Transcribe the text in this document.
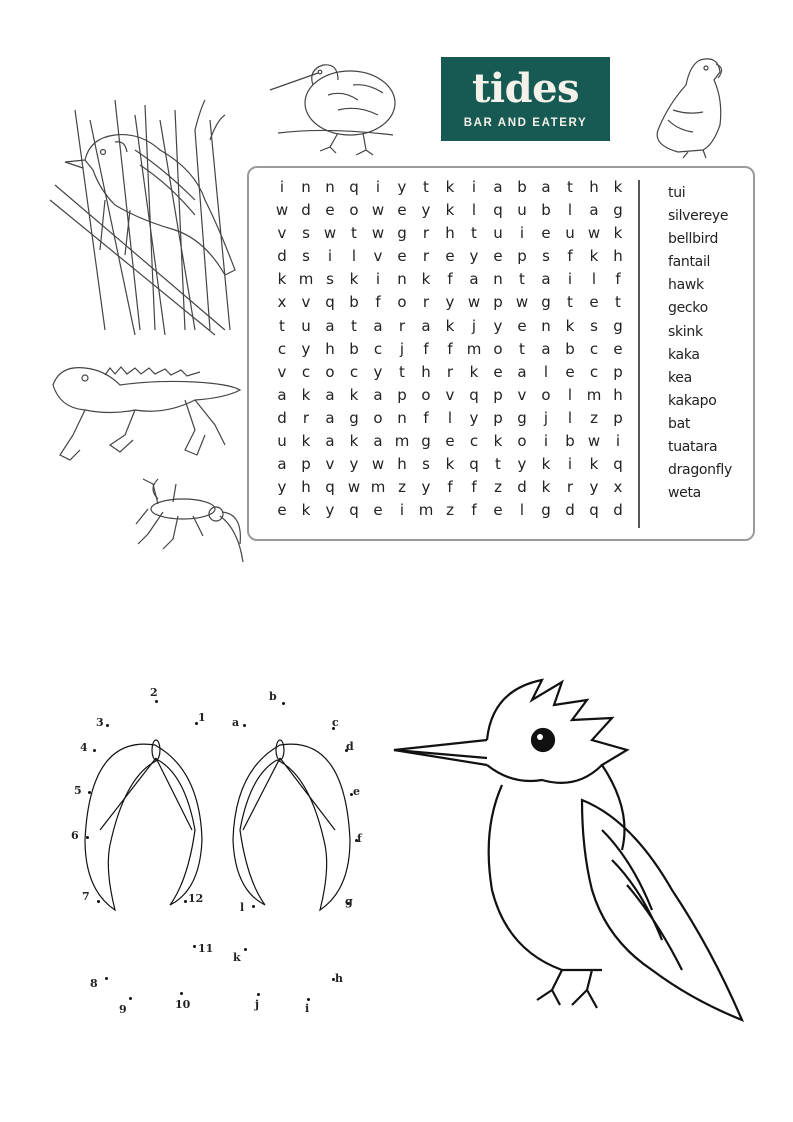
tides
BAR AND EATERY
i	n n q	i	y	t	k	i	a b a	t	h k
w d e o w e y	k	l	q u b	l	a g
v	s w t w g	r	h	t	u	i	e u w k
d	s	i	l	v e	r	e y e p	s	f	k h
k m s	k	i	n k	f	a n	t	a	i	l	f
x	v q b	f	o	r	y w p w g	t	e	t
t	u a	t	a	r	a	k	j	y e n k	s	g
c	y h b	c	j	f	f m o	t	a b	c	e
v	c	o	c	y	t	h	r	k	e a	l	e	c	p
a	k	a	k	a p o v q p v o	l m h
d	r	a g o n	f	l	y p g	j	l	z	p
u k	a	k	a m g e	c	k	o	i	b w	i
a p v	y w h	s	k q	t	y	k	i	k q
y h q w m z	y	f	f	z	d k	r	y	x
e	k	y q e	i m z	f	e	l	g d q d
tui
silvereye
bellbird
fantail
hawk
gecko
skink
kaka
kea
kakapo
bat
tuatara
dragonfly
weta
1
2
3
4
5
6
7
8
9	10
11
12
a
b
c
d
e
f
g
h
i
j
k
l
